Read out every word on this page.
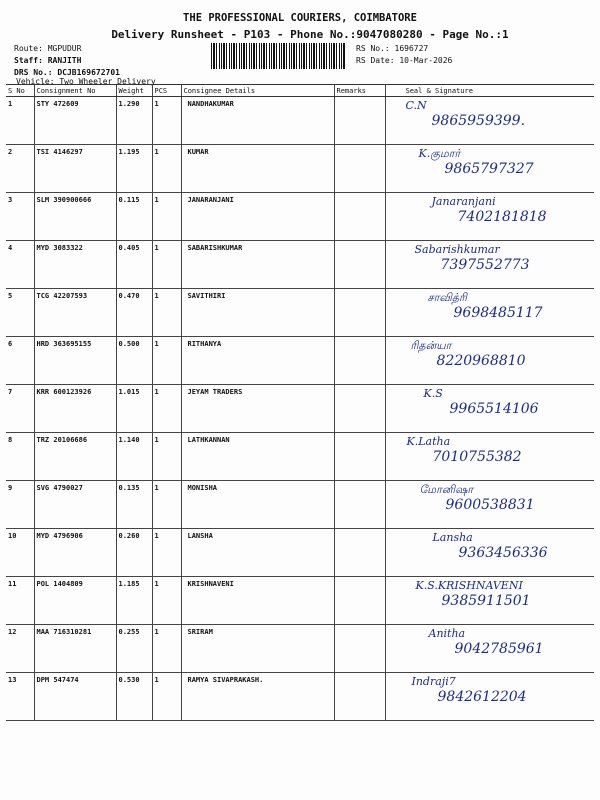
THE PROFESSIONAL COURIERS, COIMBATORE
Delivery Runsheet - P103 - Phone No.:9047080280 - Page No.:1
Route: MGPUDUR
Staff: RANJITH
DRS No.: DCJB169672701
Vehicle: Two Wheeler Delivery
RS No.: 1696727
RS Date: 10-Mar-2026
S No	Consignment No	Weight	PCS	Consignee Details	Remarks	Seal & Signature
1	STY 472609	1.290	1	NANDHAKUMAR		C.N
9865959399.

2	TSI 4146297	1.195	1	KUMAR		K.குமார்
9865797327

3	SLM 390900666	0.115	1	JANARANJANI		Janaranjani
7402181818

4	MYD 3083322	0.405	1	SABARISHKUMAR		Sabarishkumar
7397552773

5	TCG 42207593	0.470	1	SAVITHIRI		சாவித்ரி
9698485117

6	HRD 363695155	0.500	1	RITHANYA		ரிதன்யா
8220968810

7	KRR 600123926	1.015	1	JEYAM TRADERS		K.S
9965514106

8	TRZ 20106686	1.140	1	LATHKANNAN		K.Latha
7010755382

9	SVG 4790027	0.135	1	MONISHA		மோனிஷா
9600538831

10	MYD 4796906	0.260	1	LANSHA		Lansha
9363456336

11	POL 1404809	1.185	1	KRISHNAVENI		K.S.KRISHNAVENI
9385911501

12	MAA 716310281	0.255	1	SRIRAM		Anitha
9042785961

13	DPM 547474	0.530	1	RAMYA SIVAPRAKASH.		Indraji7
9842612204
